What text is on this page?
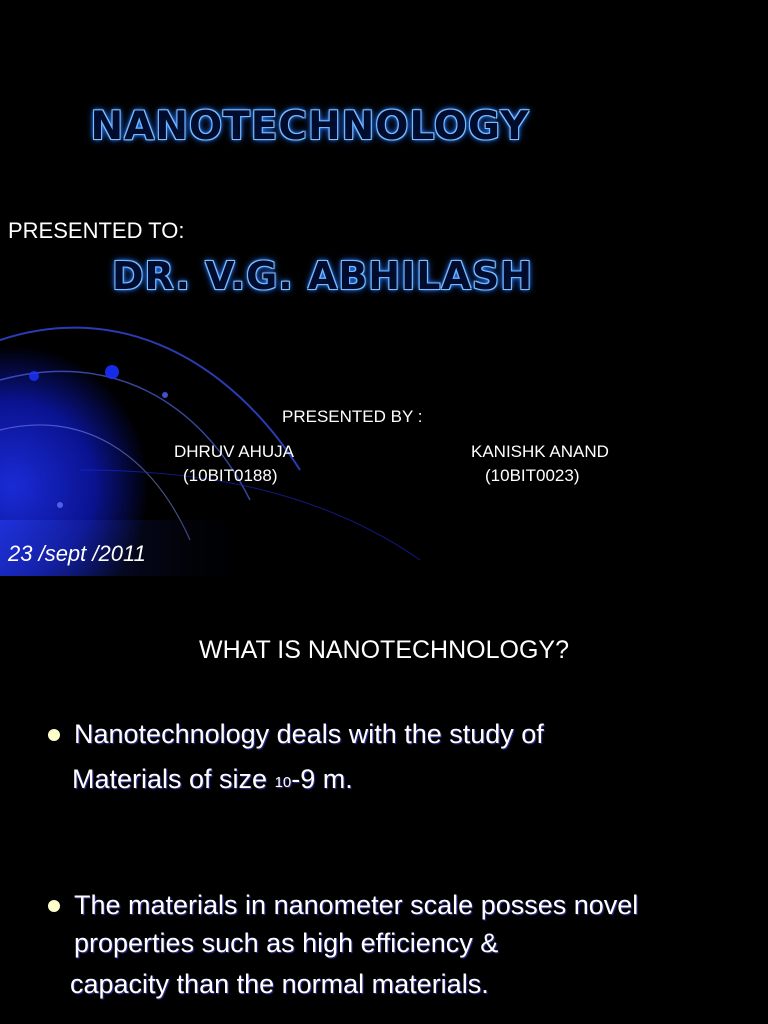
NANOTECHNOLOGY
PRESENTED TO:
DR. V.G. ABHILASH
PRESENTED BY :
DHRUV AHUJA
(10BIT0188)
KANISHK ANAND
(10BIT0023)
23 /sept /2011
WHAT IS NANOTECHNOLOGY?
Nanotechnology deals with the study of
Materials of size $_{10}$-9 m.
The materials in nanometer scale posses novel
properties such as high efficiency &
capacity than the normal materials.
